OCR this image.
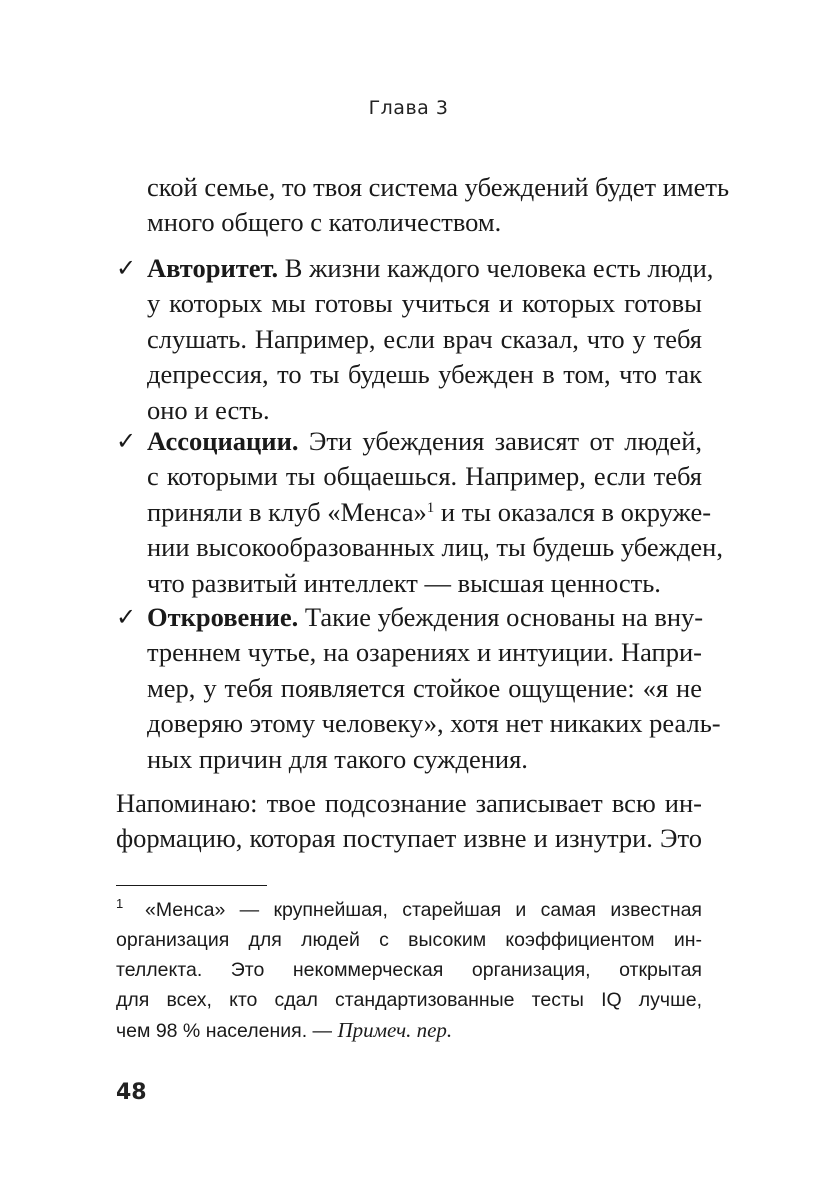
Глава 3
ской семье, то твоя система убеждений будет иметь
много общего с католичеством.
✓ Авторитет. В жизни каждого человека есть люди,
у которых мы готовы учиться и которых готовы
слушать. Например, если врач сказал, что у тебя
депрессия, то ты будешь убежден в том, что так
оно и есть.
✓ Ассоциации. Эти убеждения зависят от людей,
с которыми ты общаешься. Например, если тебя
приняли в клуб «Менса»$^1$ и ты оказался в окруже-
нии высокообразованных лиц, ты будешь убежден,
что развитый интеллект — высшая ценность.
✓ Откровение. Такие убеждения основаны на вну-
треннем чутье, на озарениях и интуиции. Напри-
мер, у тебя появляется стойкое ощущение: «я не
доверяю этому человеку», хотя нет никаких реаль-
ных причин для такого суждения.
Напоминаю: твое подсознание записывает всю ин-
формацию, которая поступает извне и изнутри. Это
1 «Менса» — крупнейшая, старейшая и самая известная
организация для людей с высоким коэффициентом ин-
теллекта. Это некоммерческая организация, открытая
для всех, кто сдал стандартизованные тесты IQ лучше,
чем 98 % населения. — Примеч. пер.
48
